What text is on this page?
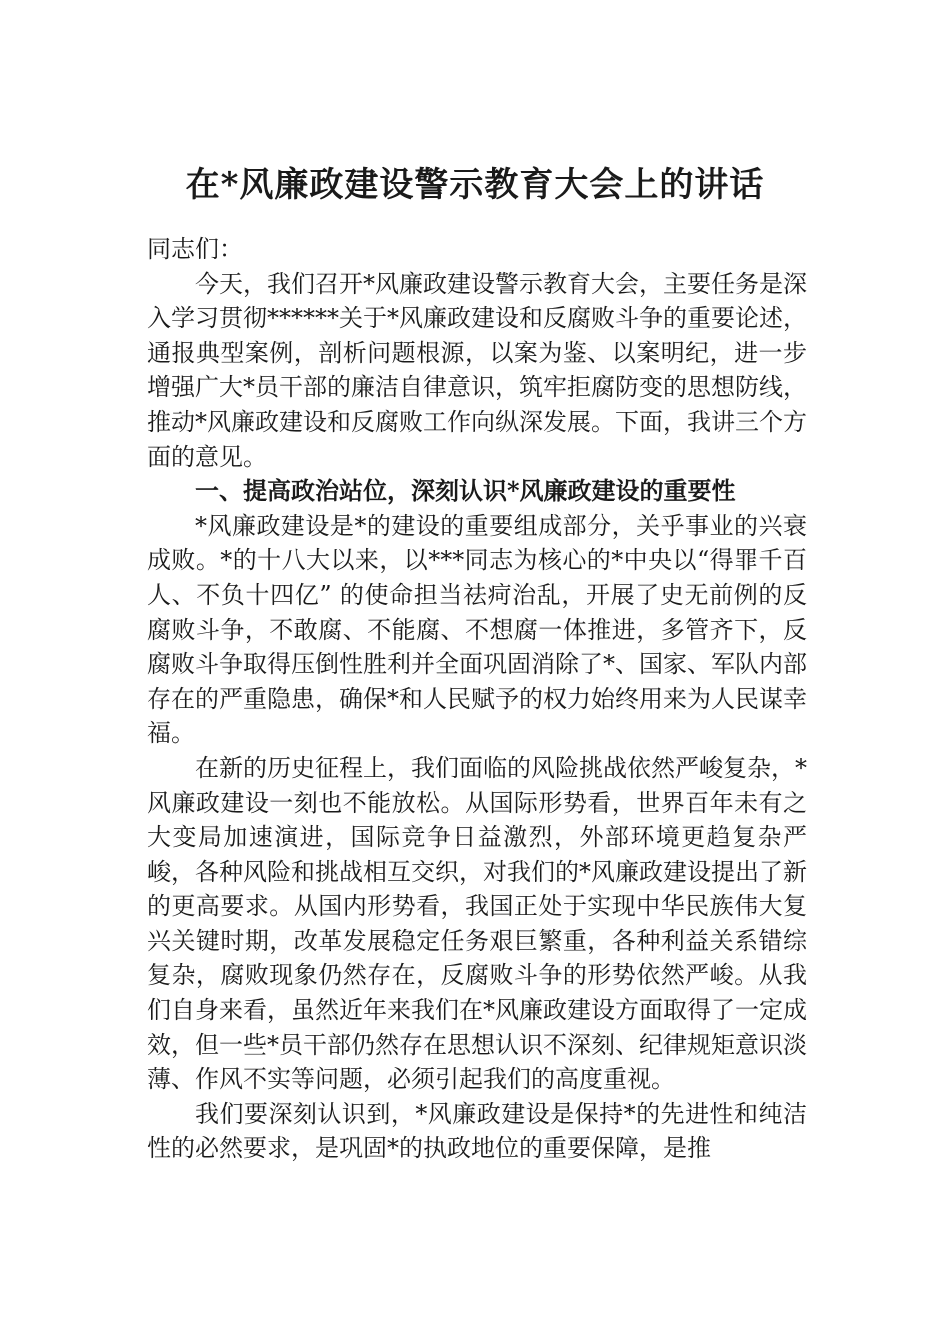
在*风廉政建设警示教育大会上的讲话

同志们：

今天，我们召开*风廉政建设警示教育大会，主要任务是深入学习贯彻******关于*风廉政建设和反腐败斗争的重要论述，通报典型案例，剖析问题根源，以案为鉴、以案明纪，进一步增强广大*员干部的廉洁自律意识，筑牢拒腐防变的思想防线，推动*风廉政建设和反腐败工作向纵深发展。下面，我讲三个方面的意见。

一、提高政治站位，深刻认识*风廉政建设的重要性

*风廉政建设是*的建设的重要组成部分，关乎事业的兴衰成败。*的十八大以来，以***同志为核心的*中央以“得罪千百人、不负十四亿” 的使命担当祛疴治乱，开展了史无前例的反腐败斗争，不敢腐、不能腐、不想腐一体推进，多管齐下，反腐败斗争取得压倒性胜利并全面巩固消除了*、国家、军队内部存在的严重隐患，确保*和人民赋予的权力始终用来为人民谋幸福。

在新的历史征程上，我们面临的风险挑战依然严峻复杂，*风廉政建设一刻也不能放松。从国际形势看，世界百年未有之大变局加速演进，国际竞争日益激烈，外部环境更趋复杂严峻，各种风险和挑战相互交织，对我们的*风廉政建设提出了新的更高要求。从国内形势看，我国正处于实现中华民族伟大复兴关键时期，改革发展稳定任务艰巨繁重，各种利益关系错综复杂，腐败现象仍然存在，反腐败斗争的形势依然严峻。从我们自身来看，虽然近年来我们在*风廉政建设方面取得了一定成效，但一些*员干部仍然存在思想认识不深刻、纪律规矩意识淡薄、作风不实等问题，必须引起我们的高度重视。

我们要深刻认识到，*风廉政建设是保持*的先进性和纯洁性的必然要求，是巩固*的执政地位的重要保障，是推
